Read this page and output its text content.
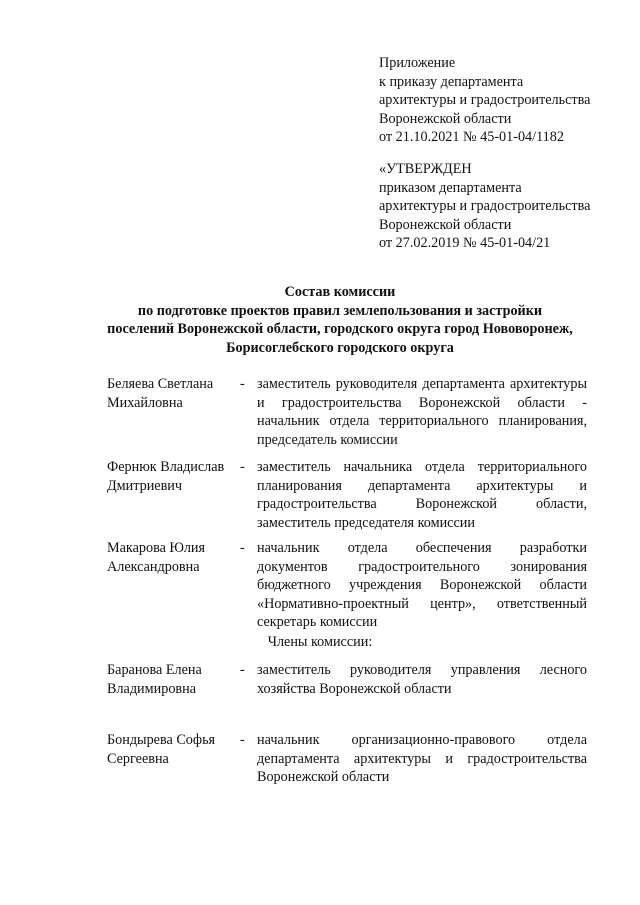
Приложение
к приказу департамента
архитектуры и градостроительства
Воронежской области
от 21.10.2021 № 45-01-04/1182
«УТВЕРЖДЕН
приказом департамента
архитектуры и градостроительства
Воронежской области
от 27.02.2019 № 45-01-04/21
Состав комиссии
по подготовке проектов правил землепользования и застройки
поселений Воронежской области, городского округа город Нововоронеж,
Борисоглебского городского округа
Беляева Светлана Михайловна
- заместитель руководителя департамента архитектуры и градостроительства Воронежской области - начальник отдела территориального планирования, председатель комиссии
Фернюк Владислав Дмитриевич
- заместитель начальника отдела территориального планирования департамента архитектуры и градостроительства Воронежской области, заместитель председателя комиссии
Макарова Юлия Александровна
- начальник отдела обеспечения разработки документов градостроительного зонирования бюджетного учреждения Воронежской области «Нормативно-проектный центр», ответственный секретарь комиссии
Члены комиссии:
Баранова Елена Владимировна
- заместитель руководителя управления лесного хозяйства Воронежской области
Бондырева Софья Сергеевна
- начальник организационно-правового отдела департамента архитектуры и градостроительства Воронежской области
